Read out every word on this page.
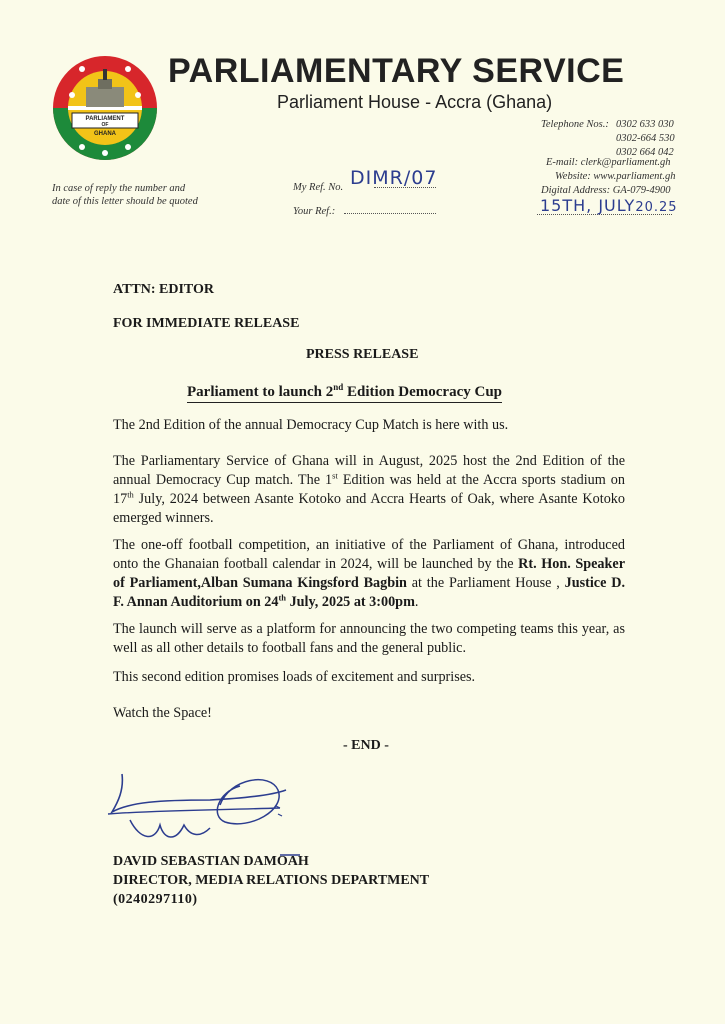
PARLIAMENT
OF
GHANA
PARLIAMENTARY SERVICE
Parliament House - Accra (Ghana)
Telephone Nos.: 0302 633 030
0302-664 530
0302 664 042
E-mail: clerk@parliament.gh
Website: www.parliament.gh
Digital Address: GA-079-4900
In case of reply the number and date of this letter should be quoted
My Ref. No. DIMR/07
Your Ref.:	15TH, JULY20.25
ATTN: EDITOR
FOR IMMEDIATE RELEASE
PRESS RELEASE
Parliament to launch 2nd Edition Democracy Cup
The 2nd Edition of the annual Democracy Cup Match is here with us.
The Parliamentary Service of Ghana will in August, 2025 host the 2nd Edition of the annual Democracy Cup match. The 1st Edition was held at the Accra sports stadium on 17th July, 2024 between Asante Kotoko and Accra Hearts of Oak, where Asante Kotoko emerged winners.
The one-off football competition, an initiative of the Parliament of Ghana, introduced onto the Ghanaian football calendar in 2024, will be launched by the Rt. Hon. Speaker of Parliament,Alban Sumana Kingsford Bagbin at the Parliament House , Justice D. F. Annan Auditorium on 24th July, 2025 at 3:00pm.
The launch will serve as a platform for announcing the two competing teams this year, as well as all other details to football fans and the general public.
This second edition promises loads of excitement and surprises.
Watch the Space!
- END -
DAVID SEBASTIAN DAMOAH
DIRECTOR, MEDIA RELATIONS DEPARTMENT
(0240297110)
